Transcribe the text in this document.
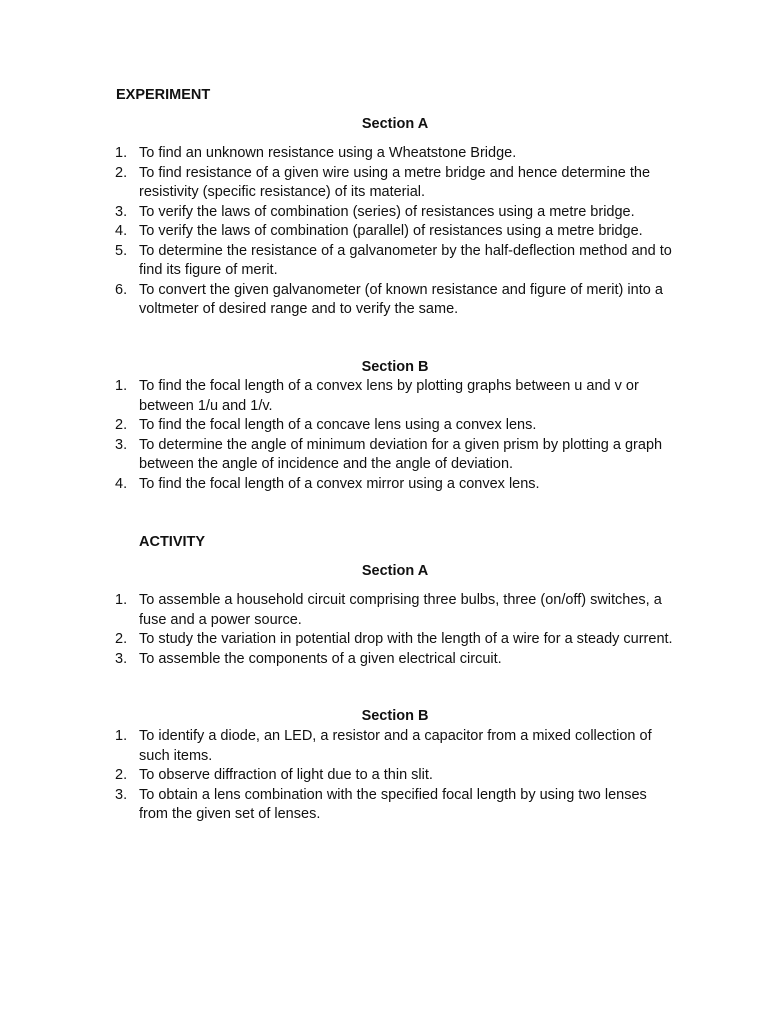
EXPERIMENT
Section A
1. To find an unknown resistance using a Wheatstone Bridge.
2. To find resistance of a given wire using a metre bridge and hence determine the resistivity (specific resistance) of its material.
3. To verify the laws of combination (series) of resistances using a metre bridge.
4. To verify the laws of combination (parallel) of resistances using a metre bridge.
5. To determine the resistance of a galvanometer by the half-deflection method and to find its figure of merit.
6. To convert the given galvanometer (of known resistance and figure of merit) into a voltmeter of desired range and to verify the same.
Section B
1. To find the focal length of a convex lens by plotting graphs between u and v or between 1/u and 1/v.
2. To find the focal length of a concave lens using a convex lens.
3. To determine the angle of minimum deviation for a given prism by plotting a graph between the angle of incidence and the angle of deviation.
4. To find the focal length of a convex mirror using a convex lens.
ACTIVITY
Section A
1. To assemble a household circuit comprising three bulbs, three (on/off) switches, a fuse and a power source.
2. To study the variation in potential drop with the length of a wire for a steady current.
3. To assemble the components of a given electrical circuit.
Section B
1. To identify a diode, an LED, a resistor and a capacitor from a mixed collection of such items.
2. To observe diffraction of light due to a thin slit.
3. To obtain a lens combination with the specified focal length by using two lenses from the given set of lenses.
